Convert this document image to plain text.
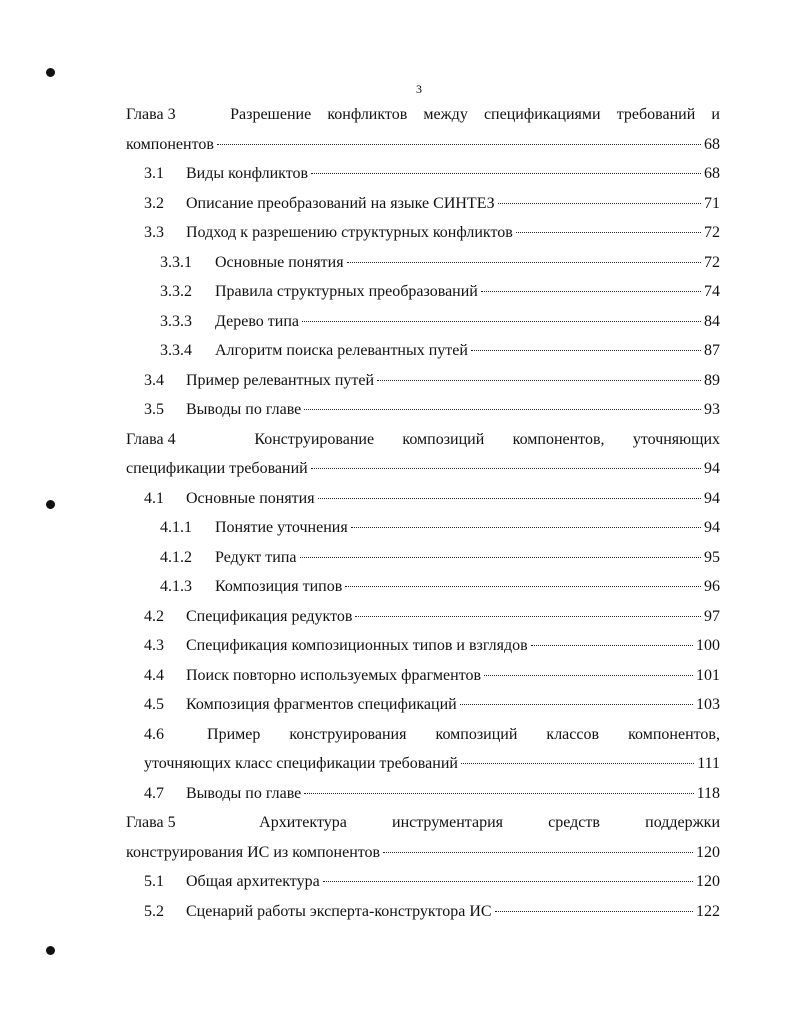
3
Глава 3	Разрешение конфликтов между спецификациями требований и
компонентов	68
3.1	Виды конфликтов	68
3.2	Описание преобразований на языке СИНТЕЗ	71
3.3	Подход к разрешению структурных конфликтов	72
3.3.1	Основные понятия	72
3.3.2	Правила структурных преобразований	74
3.3.3	Дерево типа	84
3.3.4	Алгоритм поиска релевантных путей	87
3.4	Пример релевантных путей	89
3.5	Выводы по главе	93
Глава 4	Конструирование композиций компонентов, уточняющих
спецификации требований	94
4.1	Основные понятия	94
4.1.1	Понятие уточнения	94
4.1.2	Редукт типа	95
4.1.3	Композиция типов	96
4.2	Спецификация редуктов	97
4.3	Спецификация композиционных типов и взглядов	100
4.4	Поиск повторно используемых фрагментов	101
4.5	Композиция фрагментов спецификаций	103
4.6	Пример конструирования композиций классов компонентов,
уточняющих класс спецификации требований	111
4.7	Выводы по главе	118
Глава 5	Архитектура	инструментария	средств	поддержки
конструирования ИС из компонентов	120
5.1	Общая архитектура	120
5.2	Сценарий работы эксперта-конструктора ИС	122
